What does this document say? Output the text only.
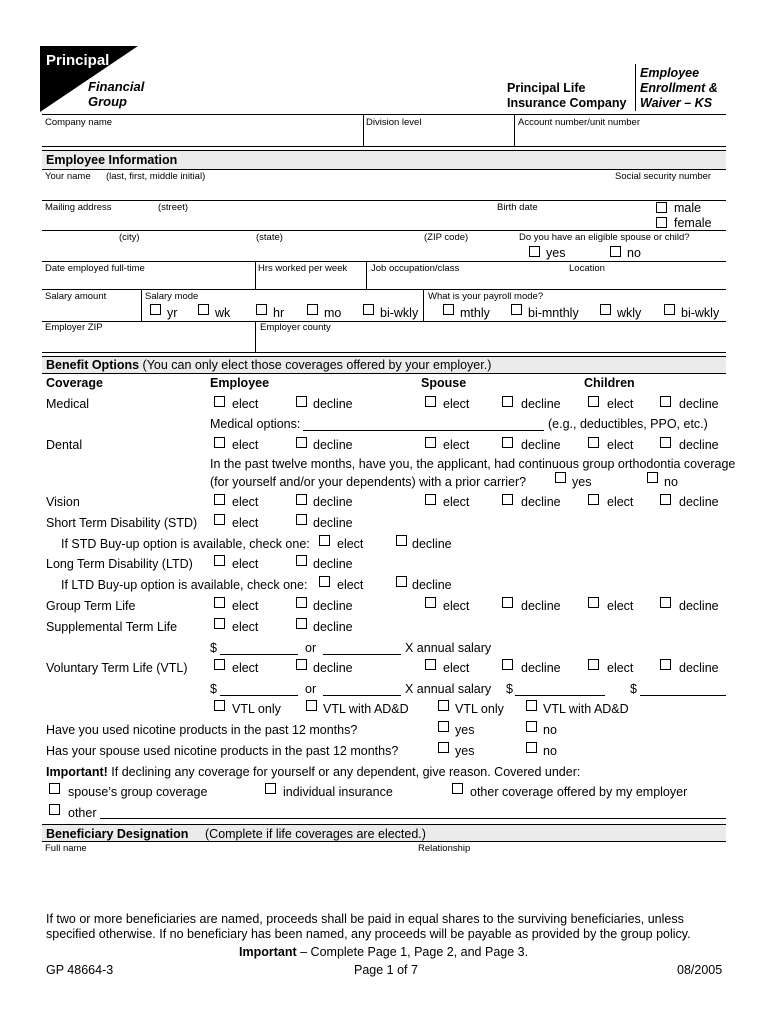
Principal
Financial
Group
Principal Life
Insurance Company
Employee
Enrollment &
Waiver – KS
Company name	Division level	Account number/unit number
Employee Information
Your name (last, first, middle initial)	Social security number
Mailing address	(street)	Birth date	male
female
(city)	(state)	(ZIP code)	Do you have an eligible spouse or child?
yes	no
Date employed full-time	Hrs worked per week	Job occupation/class	Location
Salary amount	Salary mode	What is your payroll mode?
yr	wk	hr	mo	bi-wkly	mthly	bi-mnthly	wkly	bi-wkly
Employer ZIP	Employer county
Benefit Options (You can only elect those coverages offered by your employer.)
Coverage	Employee	Spouse	Children
Medical	elect	decline	elect	decline	elect	decline
Medical options:	(e.g., deductibles, PPO, etc.)
Dental	elect	decline	elect	decline	elect	decline
In the past twelve months, have you, the applicant, had continuous group orthodontia coverage
(for yourself and/or your dependents) with a prior carrier?	yes	no
Vision	elect	decline	elect	decline	elect	decline
Short Term Disability (STD)	elect	decline
If STD Buy-up option is available, check one: elect	decline
Long Term Disability (LTD)	elect	decline
If LTD Buy-up option is available, check one: elect	decline
Group Term Life	elect	decline	elect	decline	elect	decline
Supplemental Term Life	elect	decline
$	or	X annual salary
Voluntary Term Life (VTL)	elect	decline	elect	decline	elect	decline
$	or	X annual salary $	$
VTL only	VTL with AD&D	VTL only	VTL with AD&D
Have you used nicotine products in the past 12 months?	yes	no
Has your spouse used nicotine products in the past 12 months?	yes	no
Important! If declining any coverage for yourself or any dependent, give reason. Covered under:
spouse’s group coverage	individual insurance	other coverage offered by my employer
other
Beneficiary Designation (Complete if life coverages are elected.)
Full name	Relationship
If two or more beneficiaries are named, proceeds shall be paid in equal shares to the surviving beneficiaries, unless
specified otherwise. If no beneficiary has been named, any proceeds will be payable as provided by the group policy.
Important – Complete Page 1, Page 2, and Page 3.
GP 48664-3	Page 1 of 7	08/2005
